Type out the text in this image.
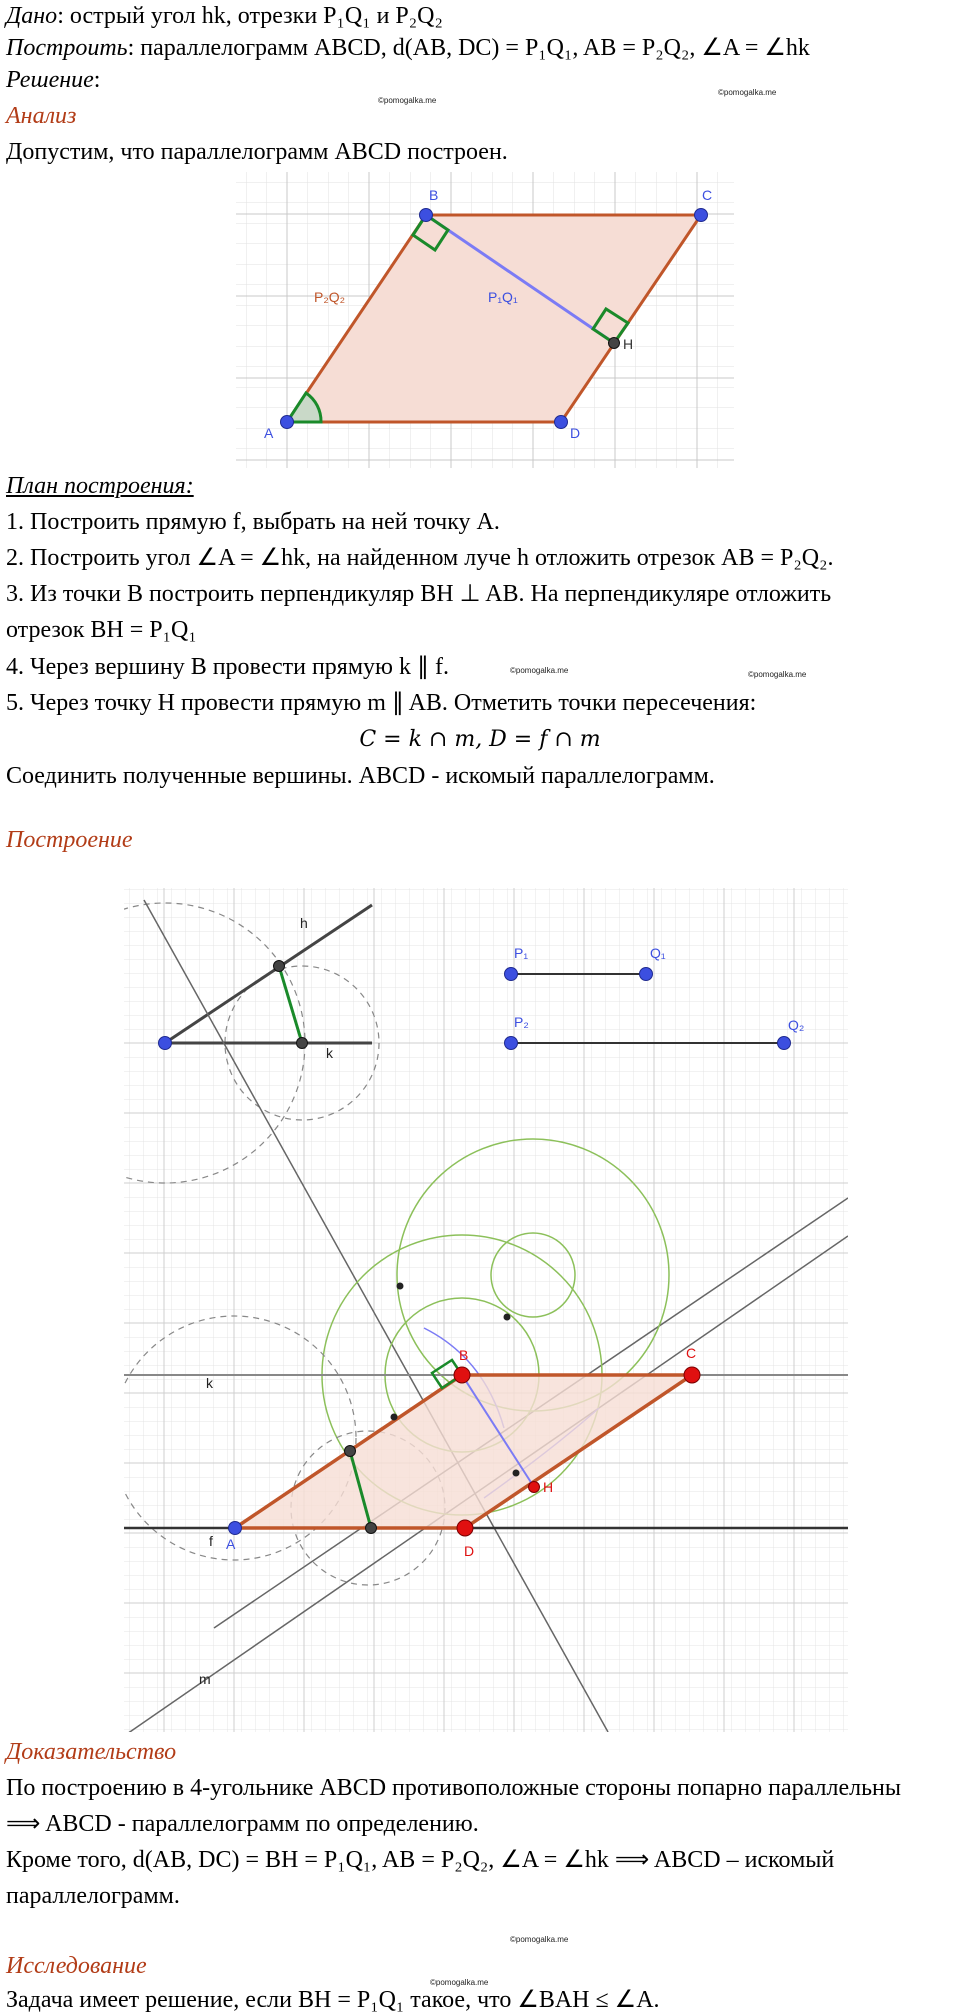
Дано: острый угол hk, отрезки P₁Q₁ и P₂Q₂
Построить: параллелограмм ABCD, d(AB, DC) = P₁Q₁, AB = P₂Q₂, ∠A = ∠hk
Решение:
©pomogalka.me
©pomogalka.me
Анализ
Допустим, что параллелограмм ABCD построен.
A
B	C
D
H
P₂Q₂	P₁Q₁
План построения:
1. Построить прямую f, выбрать на ней точку A.
2. Построить угол ∠A = ∠hk, на найденном луче h отложить отрезок AB = P₂Q₂.
3. Из точки B построить перпендикуляр BH ⊥ AB. На перпендикуляре отложить
отрезок BH = P₁Q₁
4. Через вершину B провести прямую k ∥ f.	©pomogalka.me	©pomogalka.me
5. Через точку H провести прямую m ∥ AB. Отметить точки пересечения:
C = k ∩ m, D = f ∩ m
Соединить полученные вершины. ABCD - искомый параллелограмм.
Построение
h
k
P₁	Q₁
P₂	Q₂
f A
B	C
D
H
k
m
Доказательство
По построению в 4-угольнике ABCD противоположные стороны попарно параллельны
⟹ ABCD - параллелограмм по определению.
Кроме того, d(AB, DC) = BH = P₁Q₁, AB = P₂Q₂, ∠A = ∠hk ⟹ ABCD – искомый
параллелограмм.
©pomogalka.me
Исследование
©pomogalka.me
Задача имеет решение, если BH = P₁Q₁ такое, что ∠BAH ≤ ∠A.
